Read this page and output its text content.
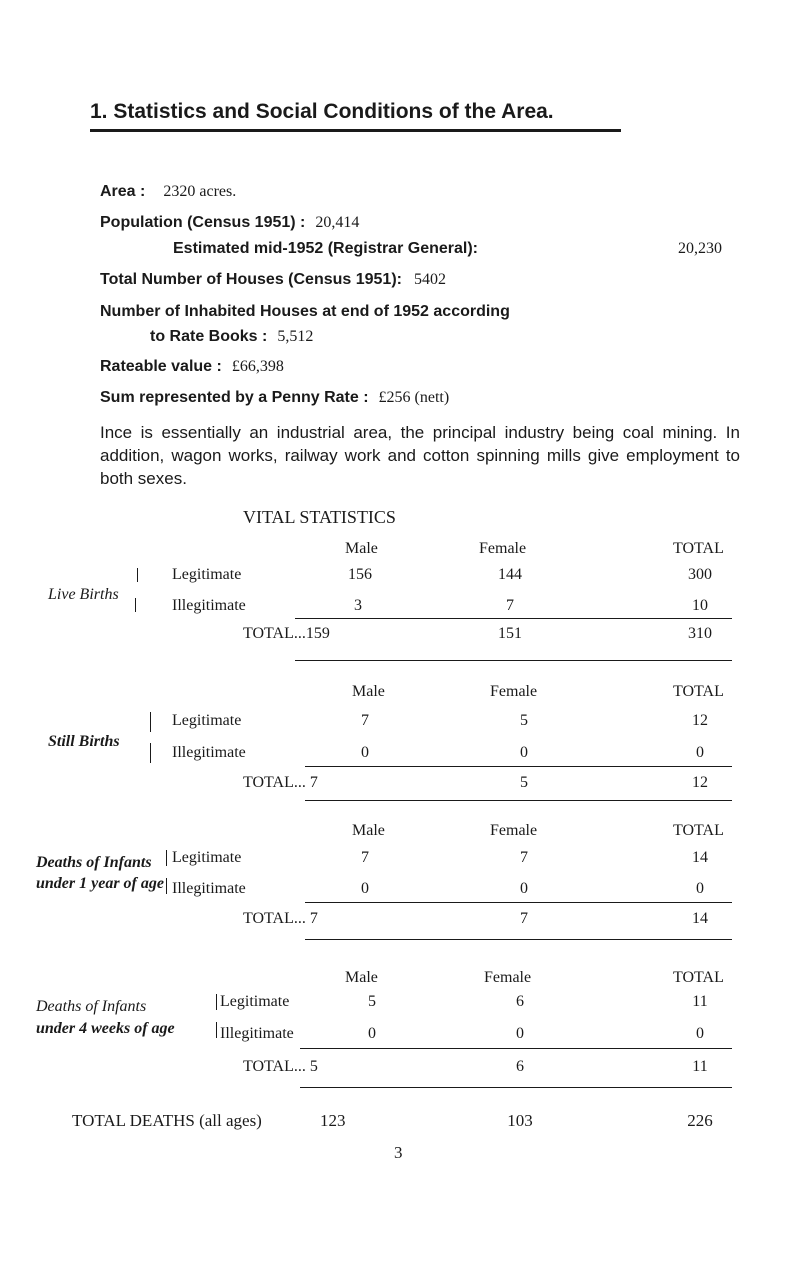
1. Statistics and Social Conditions of the Area.
Area : 2320 acres.
Population (Census 1951) : 20,414
Estimated mid-1952 (Registrar General):	20,230
Total Number of Houses (Census 1951): 5402
Number of Inhabited Houses at end of 1952 according
to Rate Books : 5,512
Rateable value : £66,398
Sum represented by a Penny Rate : £256 (nett)
Ince is essentially an industrial area, the principal industry being coal mining. In addition, wagon works, railway work and cotton spinning mills give employment to both sexes.
VITAL STATISTICS
Male	Female	TOTAL
Live Births
Legitimate	156	144	300
Illegitimate	3	7	10
TOTAL...159	151	310
Male	Female	TOTAL
Still Births
Legitimate	7	5	12
Illegitimate	0	0	0
TOTAL... 7	5	12
Male	Female	TOTAL
Deaths of Infants
under 1 year of age
Legitimate	7	7	14
Illegitimate	0	0	0
TOTAL... 7	7	14
Male	Female	TOTAL
Deaths of Infants
under 4 weeks of age
Legitimate	5	6	11
Illegitimate	0	0	0
TOTAL... 5	6	11
TOTAL DEATHS (all ages)	123	103	226
3
